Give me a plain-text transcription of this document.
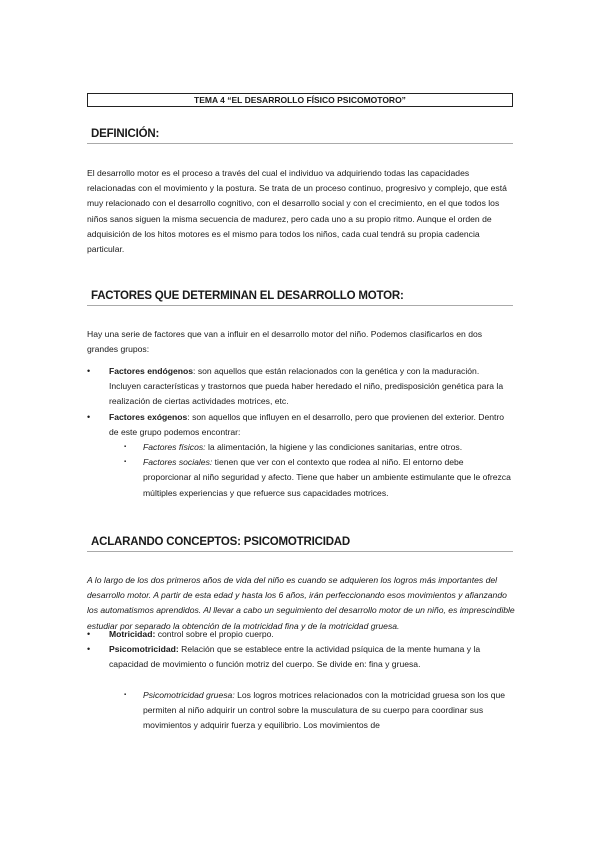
TEMA 4 “EL DESARROLLO FÍSICO PSICOMOTORO”
DEFINICIÓN:

El desarrollo motor es el proceso a través del cual el individuo va adquiriendo todas las capacidades relacionadas con el movimiento y la postura. Se trata de un proceso continuo, progresivo y complejo, que está muy relacionado con el desarrollo cognitivo, con el desarrollo social y con el crecimiento, en el que todos los niños sanos siguen la misma secuencia de madurez, pero cada uno a su propio ritmo. Aunque el orden de adquisición de los hitos motores es el mismo para todos los niños, cada cual tendrá su propia cadencia particular.

FACTORES QUE DETERMINAN EL DESARROLLO MOTOR:

Hay una serie de factores que van a influir en el desarrollo motor del niño. Podemos clasificarlos en dos grandes grupos:

• Factores endógenos: son aquellos que están relacionados con la genética y con la maduración. Incluyen características y trastornos que pueda haber heredado el niño, predisposición genética para la realización de ciertas actividades motrices, etc.
• Factores exógenos: son aquellos que influyen en el desarrollo, pero que provienen del exterior. Dentro de este grupo podemos encontrar:
▪ Factores físicos: la alimentación, la higiene y las condiciones sanitarias, entre otros.
▪ Factores sociales: tienen que ver con el contexto que rodea al niño. El entorno debe proporcionar al niño seguridad y afecto. Tiene que haber un ambiente estimulante que le ofrezca múltiples experiencias y que refuerce sus capacidades motrices.
ACLARANDO CONCEPTOS: PSICOMOTRICIDAD

A lo largo de los dos primeros años de vida del niño es cuando se adquieren los logros más importantes del desarrollo motor. A partir de esta edad y hasta los 6 años, irán perfeccionando esos movimientos y afianzando los automatismos aprendidos. Al llevar a cabo un seguimiento del desarrollo motor de un niño, es imprescindible estudiar por separado la obtención de la motricidad fina y de la motricidad gruesa.

• Motricidad: control sobre el propio cuerpo.
• Psicomotricidad: Relación que se establece entre la actividad psíquica de la mente humana y la capacidad de movimiento o función motriz del cuerpo. Se divide en: fina y gruesa.
▪ Psicomotricidad gruesa: Los logros motrices relacionados con la motricidad gruesa son los que permiten al niño adquirir un control sobre la musculatura de su cuerpo para coordinar sus movimientos y adquirir fuerza y equilibrio. Los movimientos de
